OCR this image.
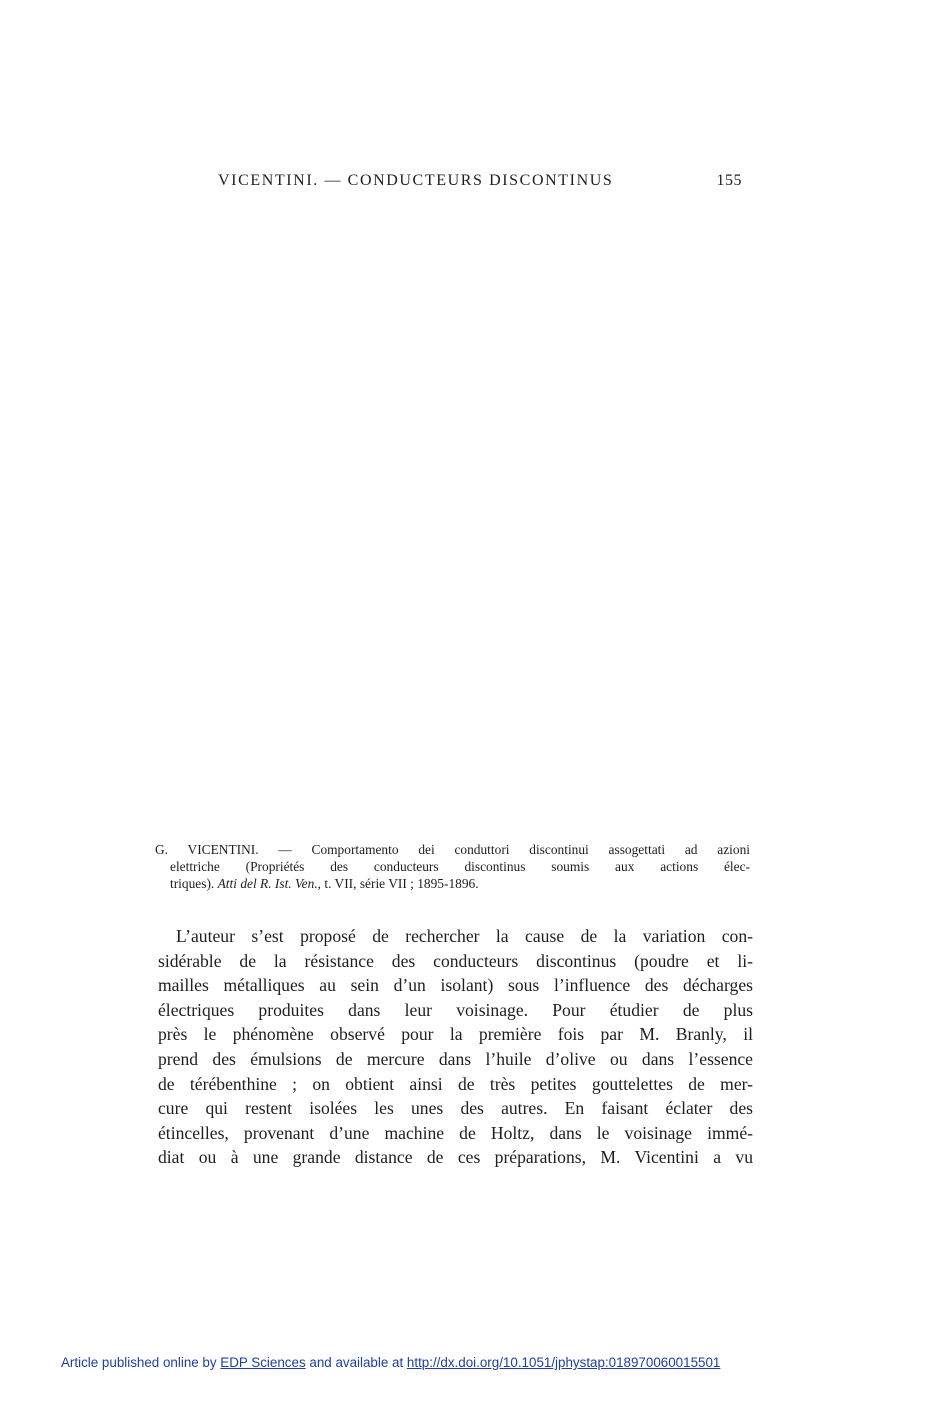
VICENTINI. — CONDUCTEURS DISCONTINUS	155
G. VICENTINI. — Comportamento dei conduttori discontinui assogettati ad azioni
elettriche (Propriétés des conducteurs discontinus soumis aux actions élec-
triques). Atti del R. Ist. Ven., t. VII, série VII ; 1895-1896.
L’auteur s’est proposé de rechercher la cause de la variation con-
sidérable de la résistance des conducteurs discontinus (poudre et li-
mailles métalliques au sein d’un isolant) sous l’influence des décharges
électriques produites dans leur voisinage. Pour étudier de plus
près le phénomène observé pour la première fois par M. Branly, il
prend des émulsions de mercure dans l’huile d’olive ou dans l’essence
de térébenthine ; on obtient ainsi de très petites gouttelettes de mer-
cure qui restent isolées les unes des autres. En faisant éclater des
étincelles, provenant d’une machine de Holtz, dans le voisinage immé-
diat ou à une grande distance de ces préparations, M. Vicentini a vu
Article published online by EDP Sciences and available at http://dx.doi.org/10.1051/jphystap:018970060015501
